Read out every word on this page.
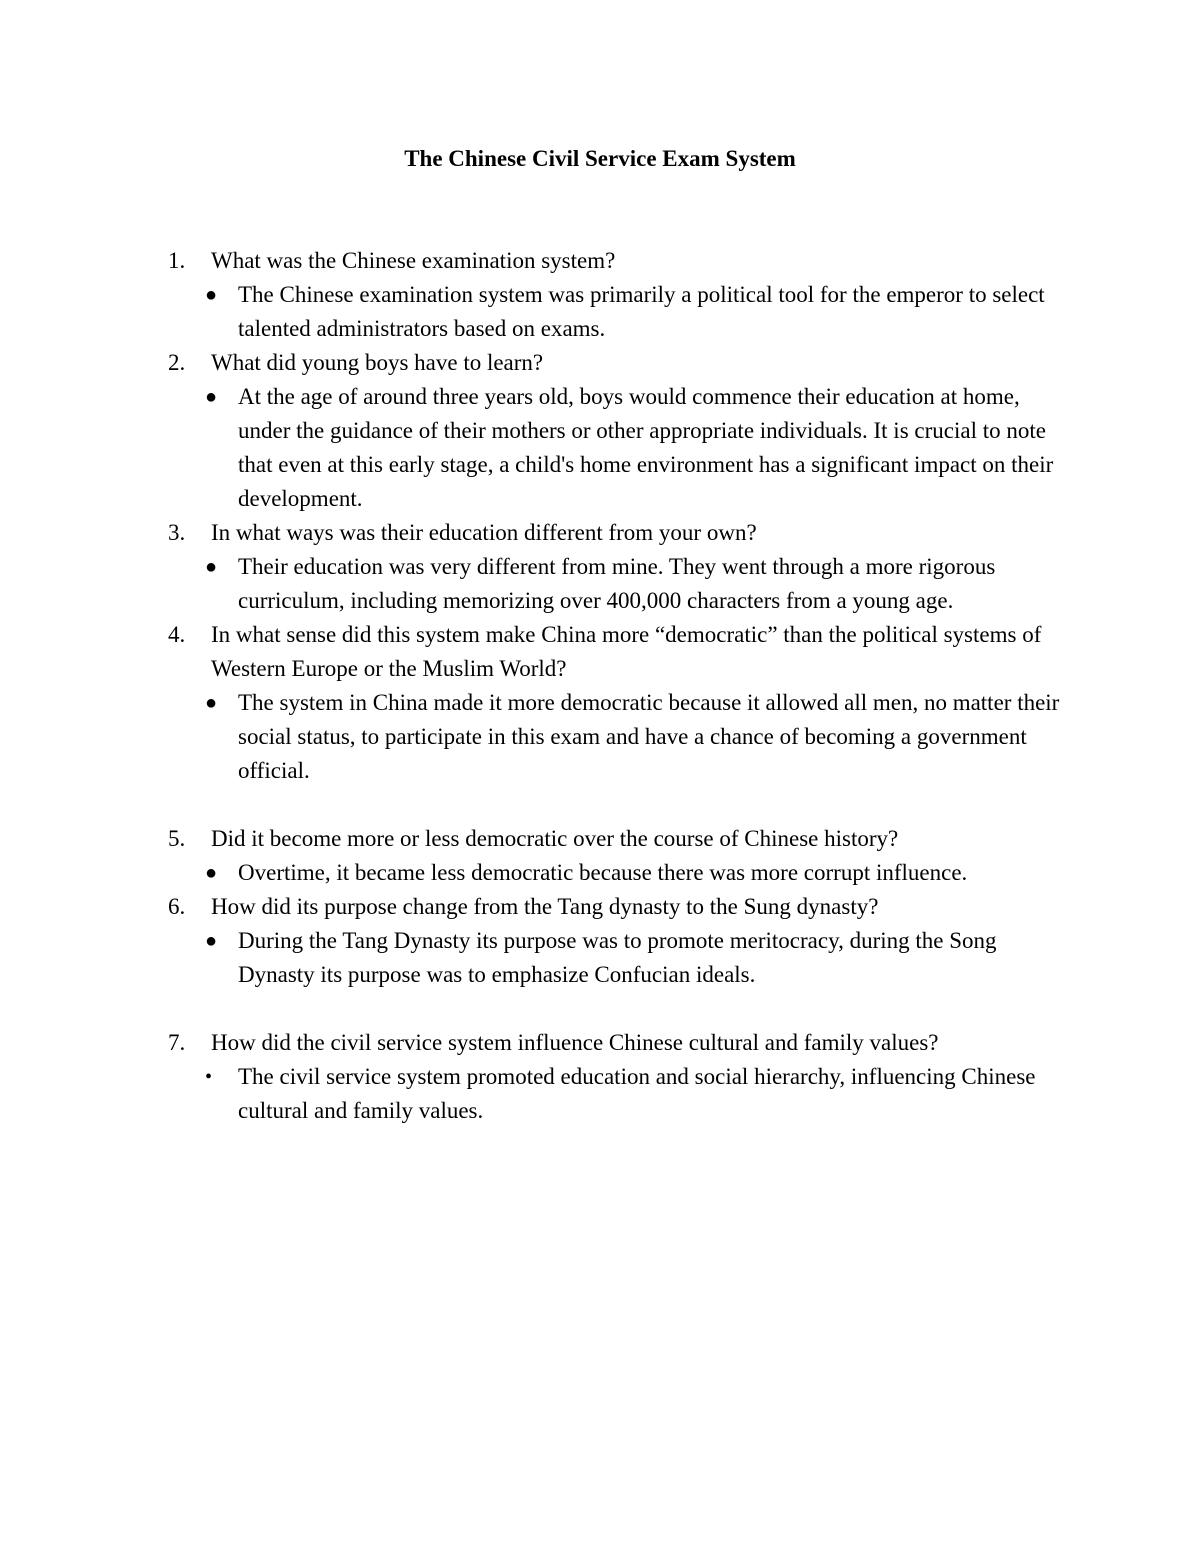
The Chinese Civil Service Exam System
1. What was the Chinese examination system?
● The Chinese examination system was primarily a political tool for the emperor to select talented administrators based on exams.
2. What did young boys have to learn?
● At the age of around three years old, boys would commence their education at home, under the guidance of their mothers or other appropriate individuals. It is crucial to note that even at this early stage, a child's home environment has a significant impact on their development.
3. In what ways was their education different from your own?
● Their education was very different from mine. They went through a more rigorous curriculum, including memorizing over 400,000 characters from a young age.
4. In what sense did this system make China more “democratic” than the political systems of Western Europe or the Muslim World?
● The system in China made it more democratic because it allowed all men, no matter their social status, to participate in this exam and have a chance of becoming a government official.
5. Did it become more or less democratic over the course of Chinese history?
● Overtime, it became less democratic because there was more corrupt influence.
6. How did its purpose change from the Tang dynasty to the Sung dynasty?
● During the Tang Dynasty its purpose was to promote meritocracy, during the Song Dynasty its purpose was to emphasize Confucian ideals.
7. How did the civil service system influence Chinese cultural and family values?
• The civil service system promoted education and social hierarchy, influencing Chinese cultural and family values.
